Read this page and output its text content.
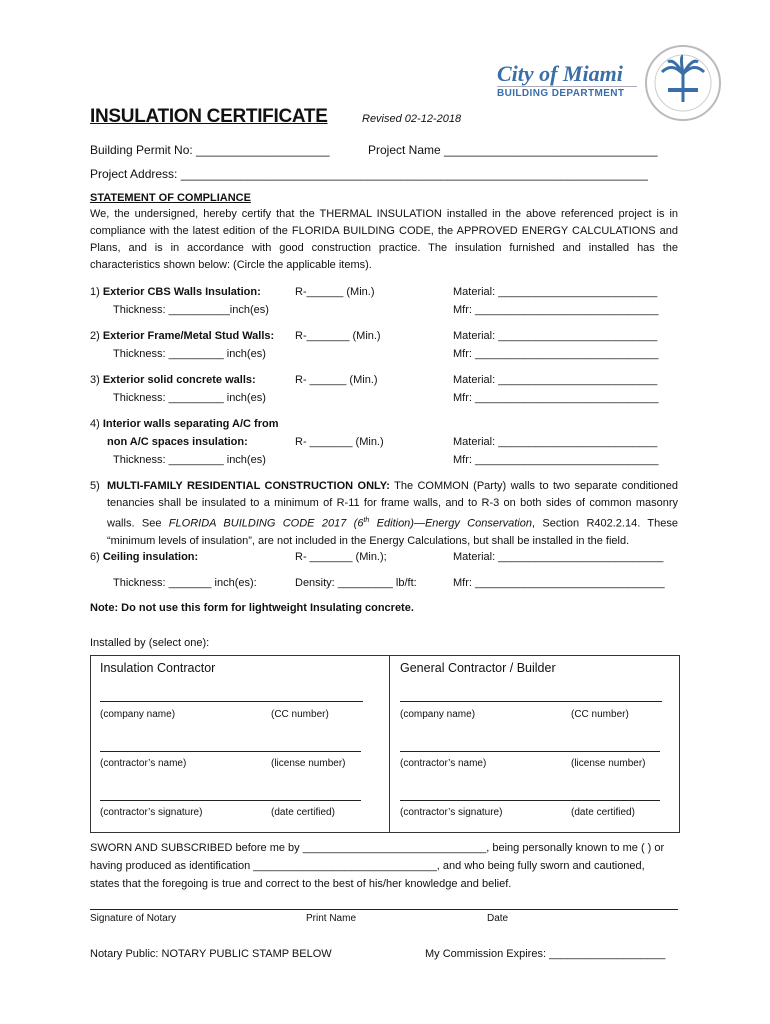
City of Miami
BUILDING DEPARTMENT
INSULATION CERTIFICATE	Revised 02-12-2018
Building Permit No: ____________________	Project Name ________________________________
Project Address: ______________________________________________________________________
STATEMENT OF COMPLIANCE
We, the undersigned, hereby certify that the THERMAL INSULATION installed in the above referenced project is in compliance with the latest edition of the FLORIDA BUILDING CODE, the APPROVED ENERGY CALCULATIONS and Plans, and is in accordance with good construction practice. The insulation furnished and installed has the characteristics shown below: (Circle the applicable items).
1) Exterior CBS Walls Insulation:	R-______ (Min.)	Material: __________________________
Thickness: __________inch(es)	Mfr: ______________________________
2) Exterior Frame/Metal Stud Walls: R-_______ (Min.)	Material: __________________________
Thickness: _________ inch(es)	Mfr: ______________________________
3) Exterior solid concrete walls:	R- ______ (Min.)	Material: __________________________
Thickness: _________ inch(es)	Mfr: ______________________________
4) Interior walls separating A/C from
non A/C spaces insulation:	R- _______ (Min.)	Material: __________________________
Thickness: _________ inch(es)	Mfr: ______________________________
5) MULTI-FAMILY RESIDENTIAL CONSTRUCTION ONLY: The COMMON (Party) walls to two separate conditioned tenancies shall be insulated to a minimum of R-11 for frame walls, and to R-3 on both sides of common masonry walls. See FLORIDA BUILDING CODE 2017 (6th Edition)—Energy Conservation, Section R402.2.14. These “minimum levels of insulation”, are not included in the Energy Calculations, but shall be installed in the field.
6) Ceiling insulation:	R- _______ (Min.);	Material: ___________________________
Thickness: _______ inch(es):	Density: _________ lb/ft:	Mfr: _______________________________
Note: Do not use this form for lightweight Insulating concrete.
Installed by (select one):
Insulation Contractor	General Contractor / Builder
(company name)	(CC number)	(company name)	(CC number)
(contractor’s name)	(license number)	(contractor’s name)	(license number)
(contractor’s signature)	(date certified)	(contractor’s signature)	(date certified)
SWORN AND SUBSCRIBED before me by ______________________________, being personally known to me ( ) or
having produced as identification ______________________________, and who being fully sworn and cautioned,
states that the foregoing is true and correct to the best of his/her knowledge and belief.
Signature of Notary	Print Name	Date
Notary Public: NOTARY PUBLIC STAMP BELOW	My Commission Expires: ___________________
